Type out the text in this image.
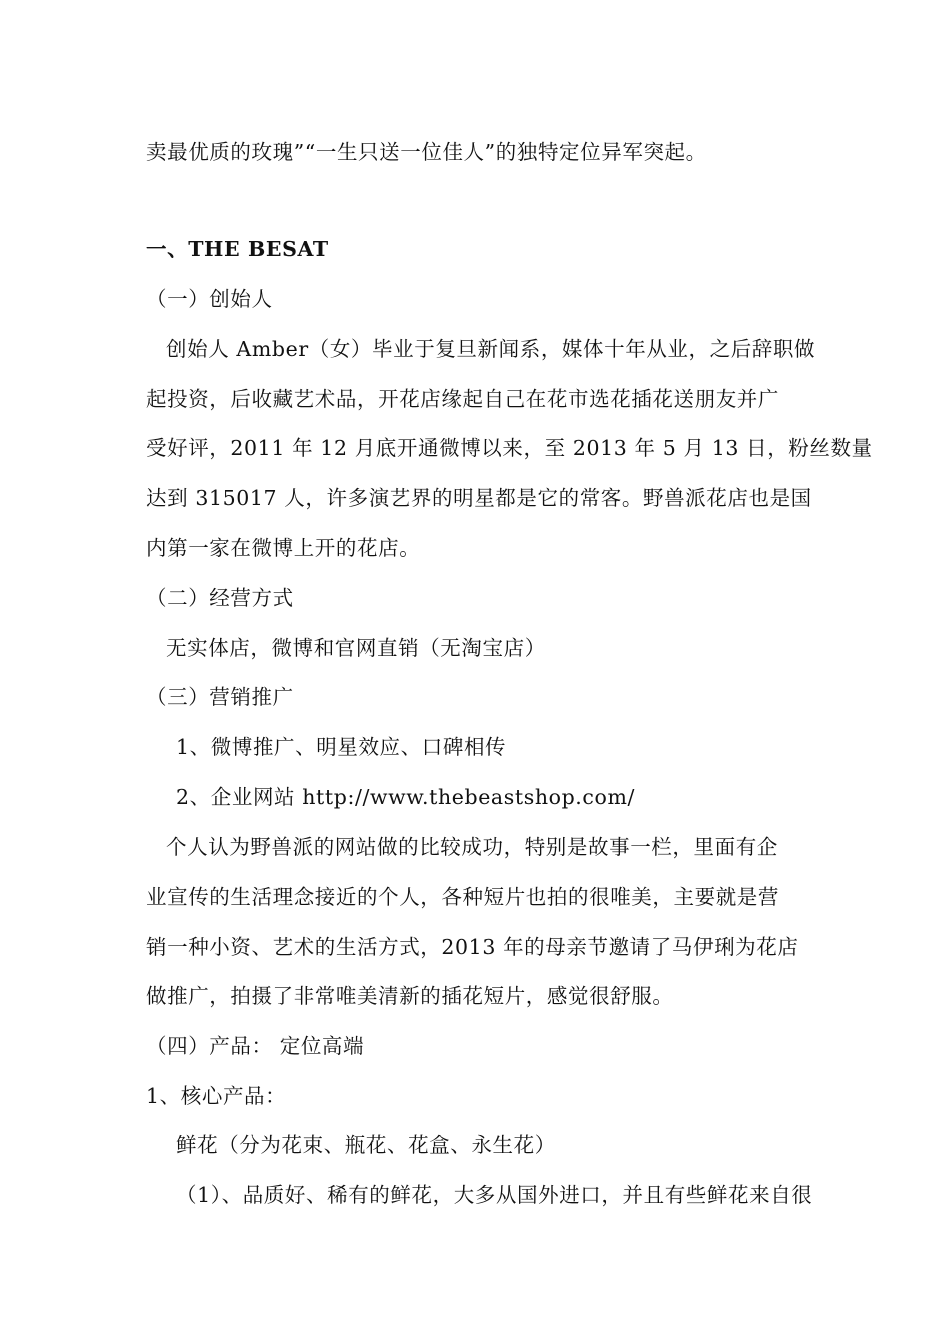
卖最优质的玫瑰”“一生只送一位佳人”的独特定位异军突起。
一、THE BESAT
（一）创始人
创始人 Amber（女）毕业于复旦新闻系，媒体十年从业，之后辞职做
起投资，后收藏艺术品，开花店缘起自己在花市选花插花送朋友并广
受好评，2011 年 12 月底开通微博以来，至 2013 年 5 月 13 日，粉丝数量
达到 315017 人，许多演艺界的明星都是它的常客。野兽派花店也是国
内第一家在微博上开的花店。
（二）经营方式
无实体店，微博和官网直销（无淘宝店）
（三）营销推广
1、微博推广、明星效应、口碑相传
2、企业网站 http://www.thebeastshop.com/
个人认为野兽派的网站做的比较成功，特别是故事一栏，里面有企
业宣传的生活理念接近的个人，各种短片也拍的很唯美，主要就是营
销一种小资、艺术的生活方式，2013 年的母亲节邀请了马伊琍为花店
做推广，拍摄了非常唯美清新的插花短片，感觉很舒服。
（四）产品： 定位高端
1、核心产品：
鲜花（分为花束、瓶花、花盒、永生花）
（1）、品质好、稀有的鲜花，大多从国外进口，并且有些鲜花来自很
